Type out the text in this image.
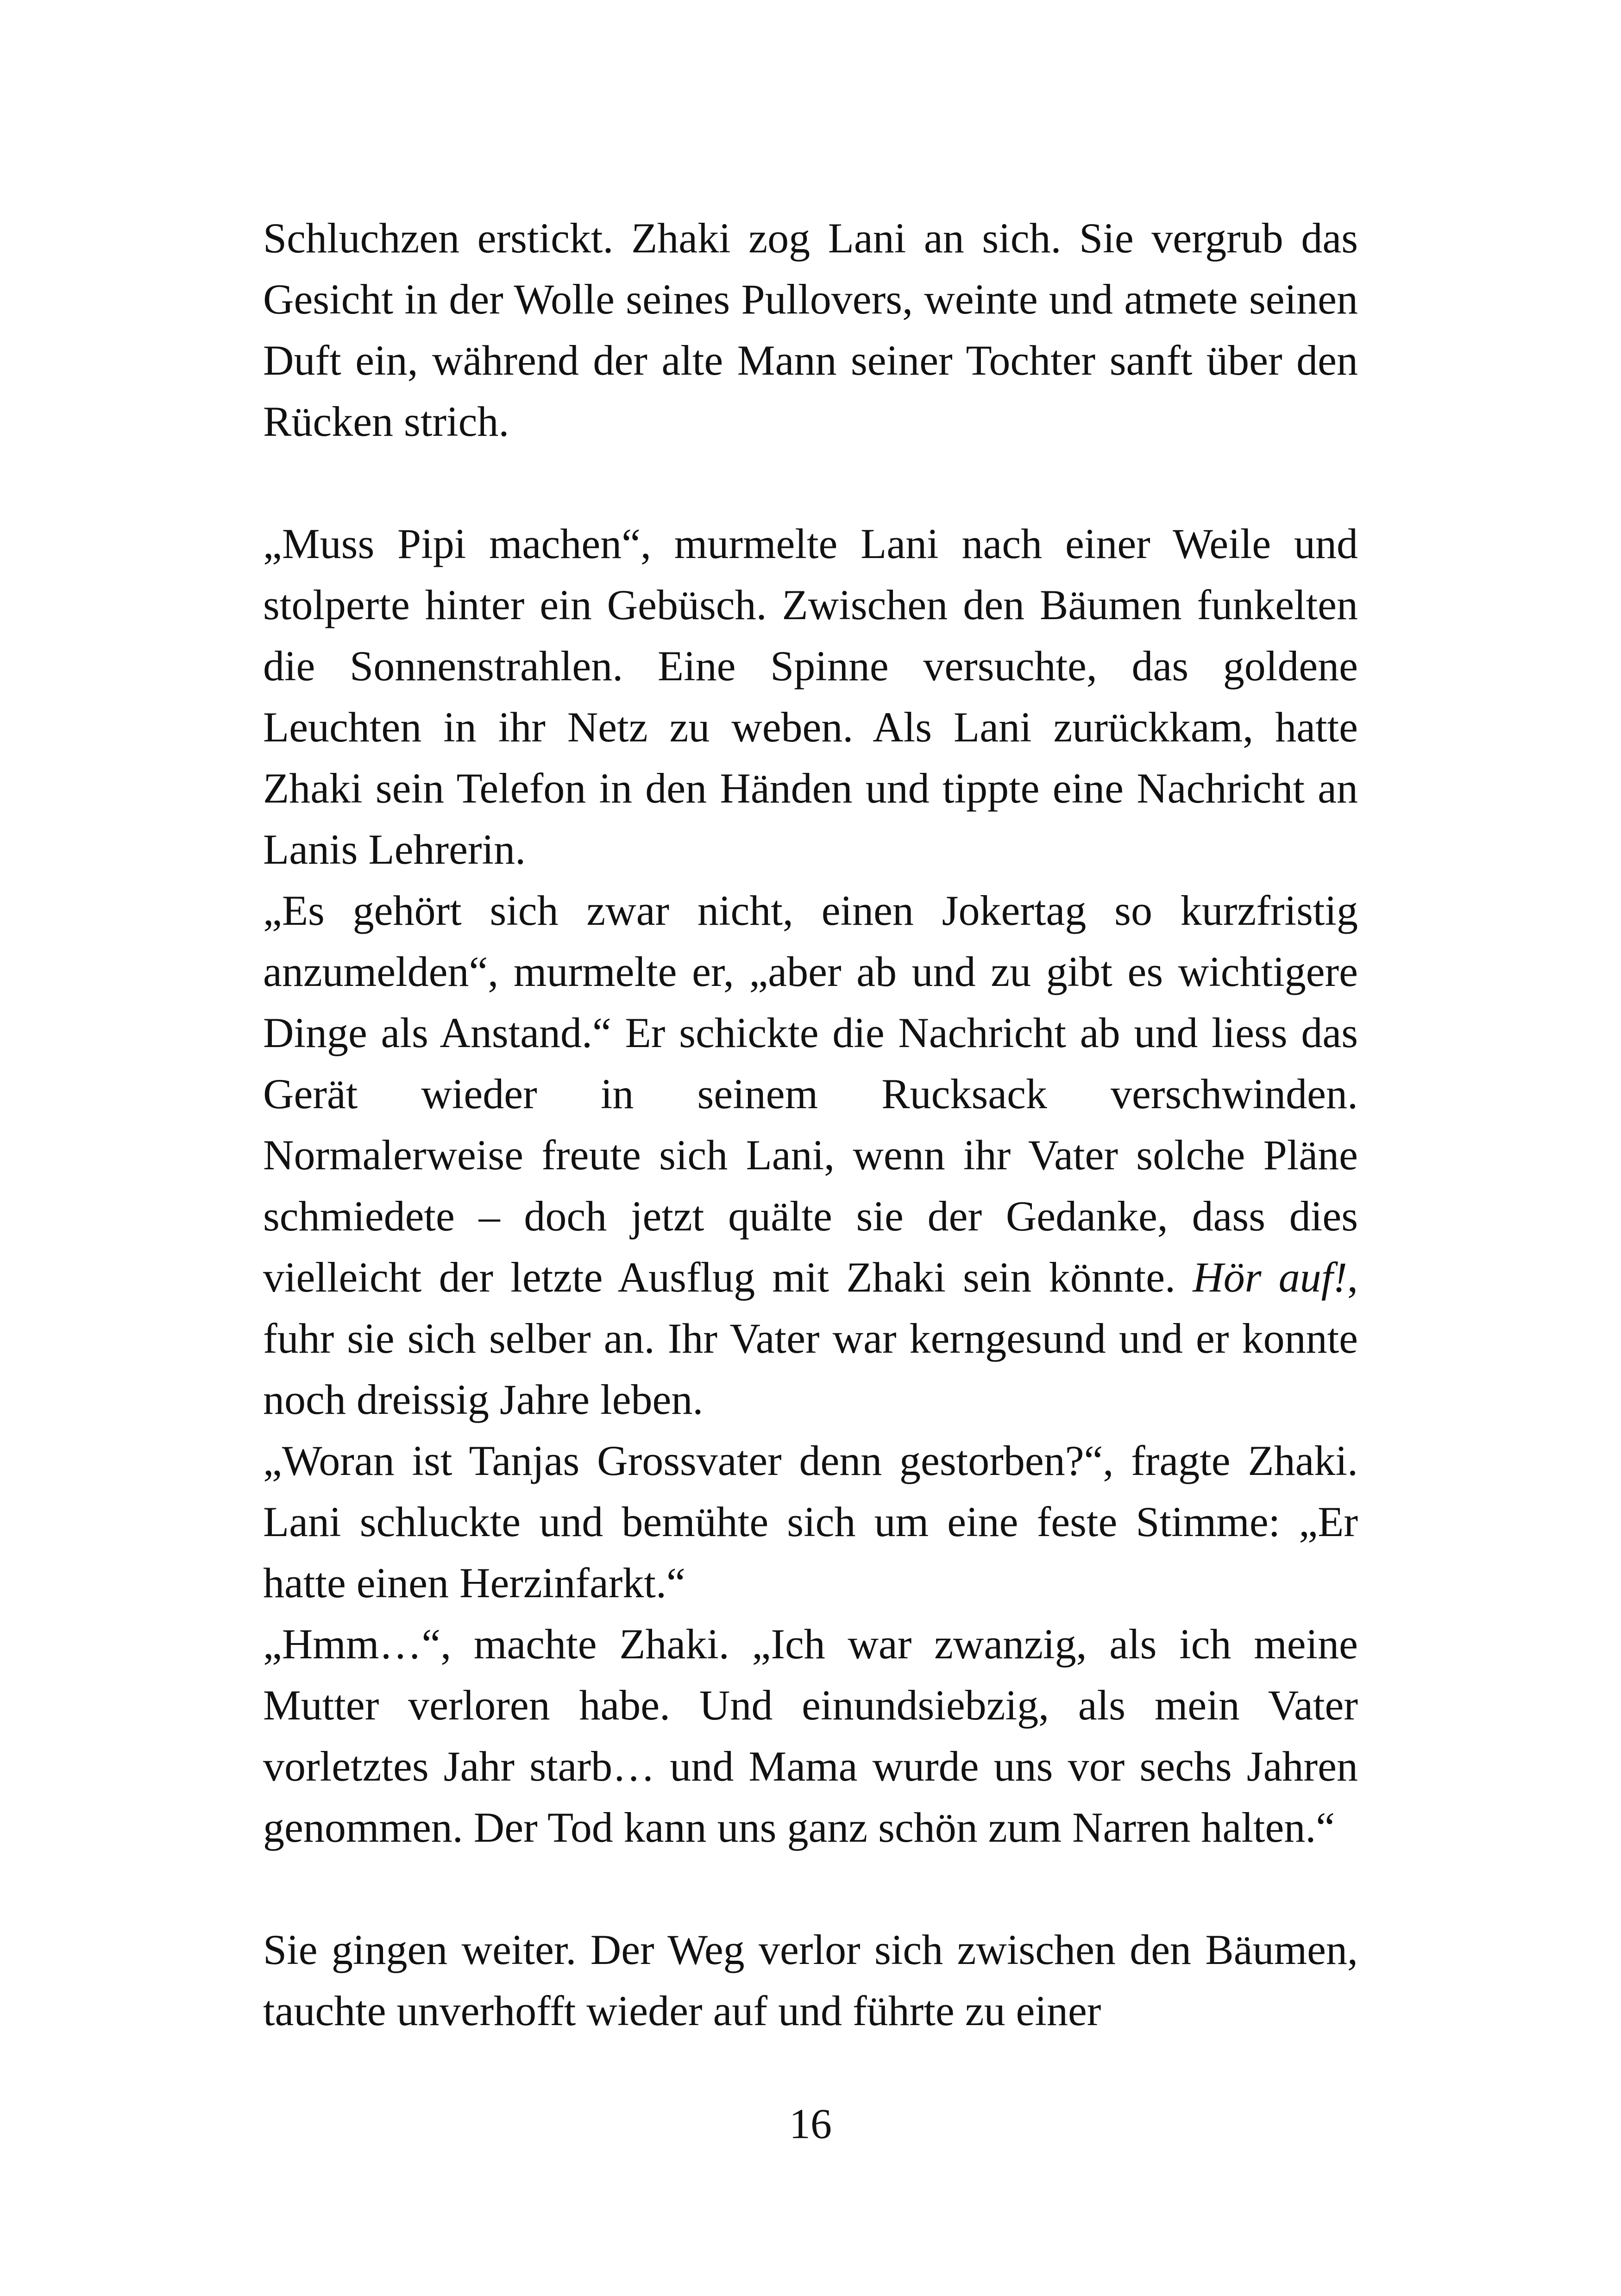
Schluchzen erstickt. Zhaki zog Lani an sich. Sie vergrub das Gesicht in der Wolle seines Pullovers, weinte und atmete seinen Duft ein, während der alte Mann seiner Tochter sanft über den Rücken strich.

„Muss Pipi machen“, murmelte Lani nach einer Weile und stolperte hinter ein Gebüsch. Zwischen den Bäumen funkelten die Sonnenstrahlen. Eine Spinne versuchte, das goldene Leuchten in ihr Netz zu weben. Als Lani zurückkam, hatte Zhaki sein Telefon in den Händen und tippte eine Nachricht an Lanis Lehrerin.

„Es gehört sich zwar nicht, einen Jokertag so kurzfristig anzumelden“, murmelte er, „aber ab und zu gibt es wichtigere Dinge als Anstand.“ Er schickte die Nachricht ab und liess das Gerät wieder in seinem Rucksack verschwinden. Normalerweise freute sich Lani, wenn ihr Vater solche Pläne schmiedete – doch jetzt quälte sie der Gedanke, dass dies vielleicht der letzte Ausflug mit Zhaki sein könnte. Hör auf!, fuhr sie sich selber an. Ihr Vater war kerngesund und er konnte noch dreissig Jahre leben.

„Woran ist Tanjas Grossvater denn gestorben?“, fragte Zhaki. Lani schluckte und bemühte sich um eine feste Stimme: „Er hatte einen Herzinfarkt.“

„Hmm…“, machte Zhaki. „Ich war zwanzig, als ich meine Mutter verloren habe. Und einundsiebzig, als mein Vater vorletztes Jahr starb… und Mama wurde uns vor sechs Jahren genommen. Der Tod kann uns ganz schön zum Narren halten.“

Sie gingen weiter. Der Weg verlor sich zwischen den Bäumen, tauchte unverhofft wieder auf und führte zu einer

16
